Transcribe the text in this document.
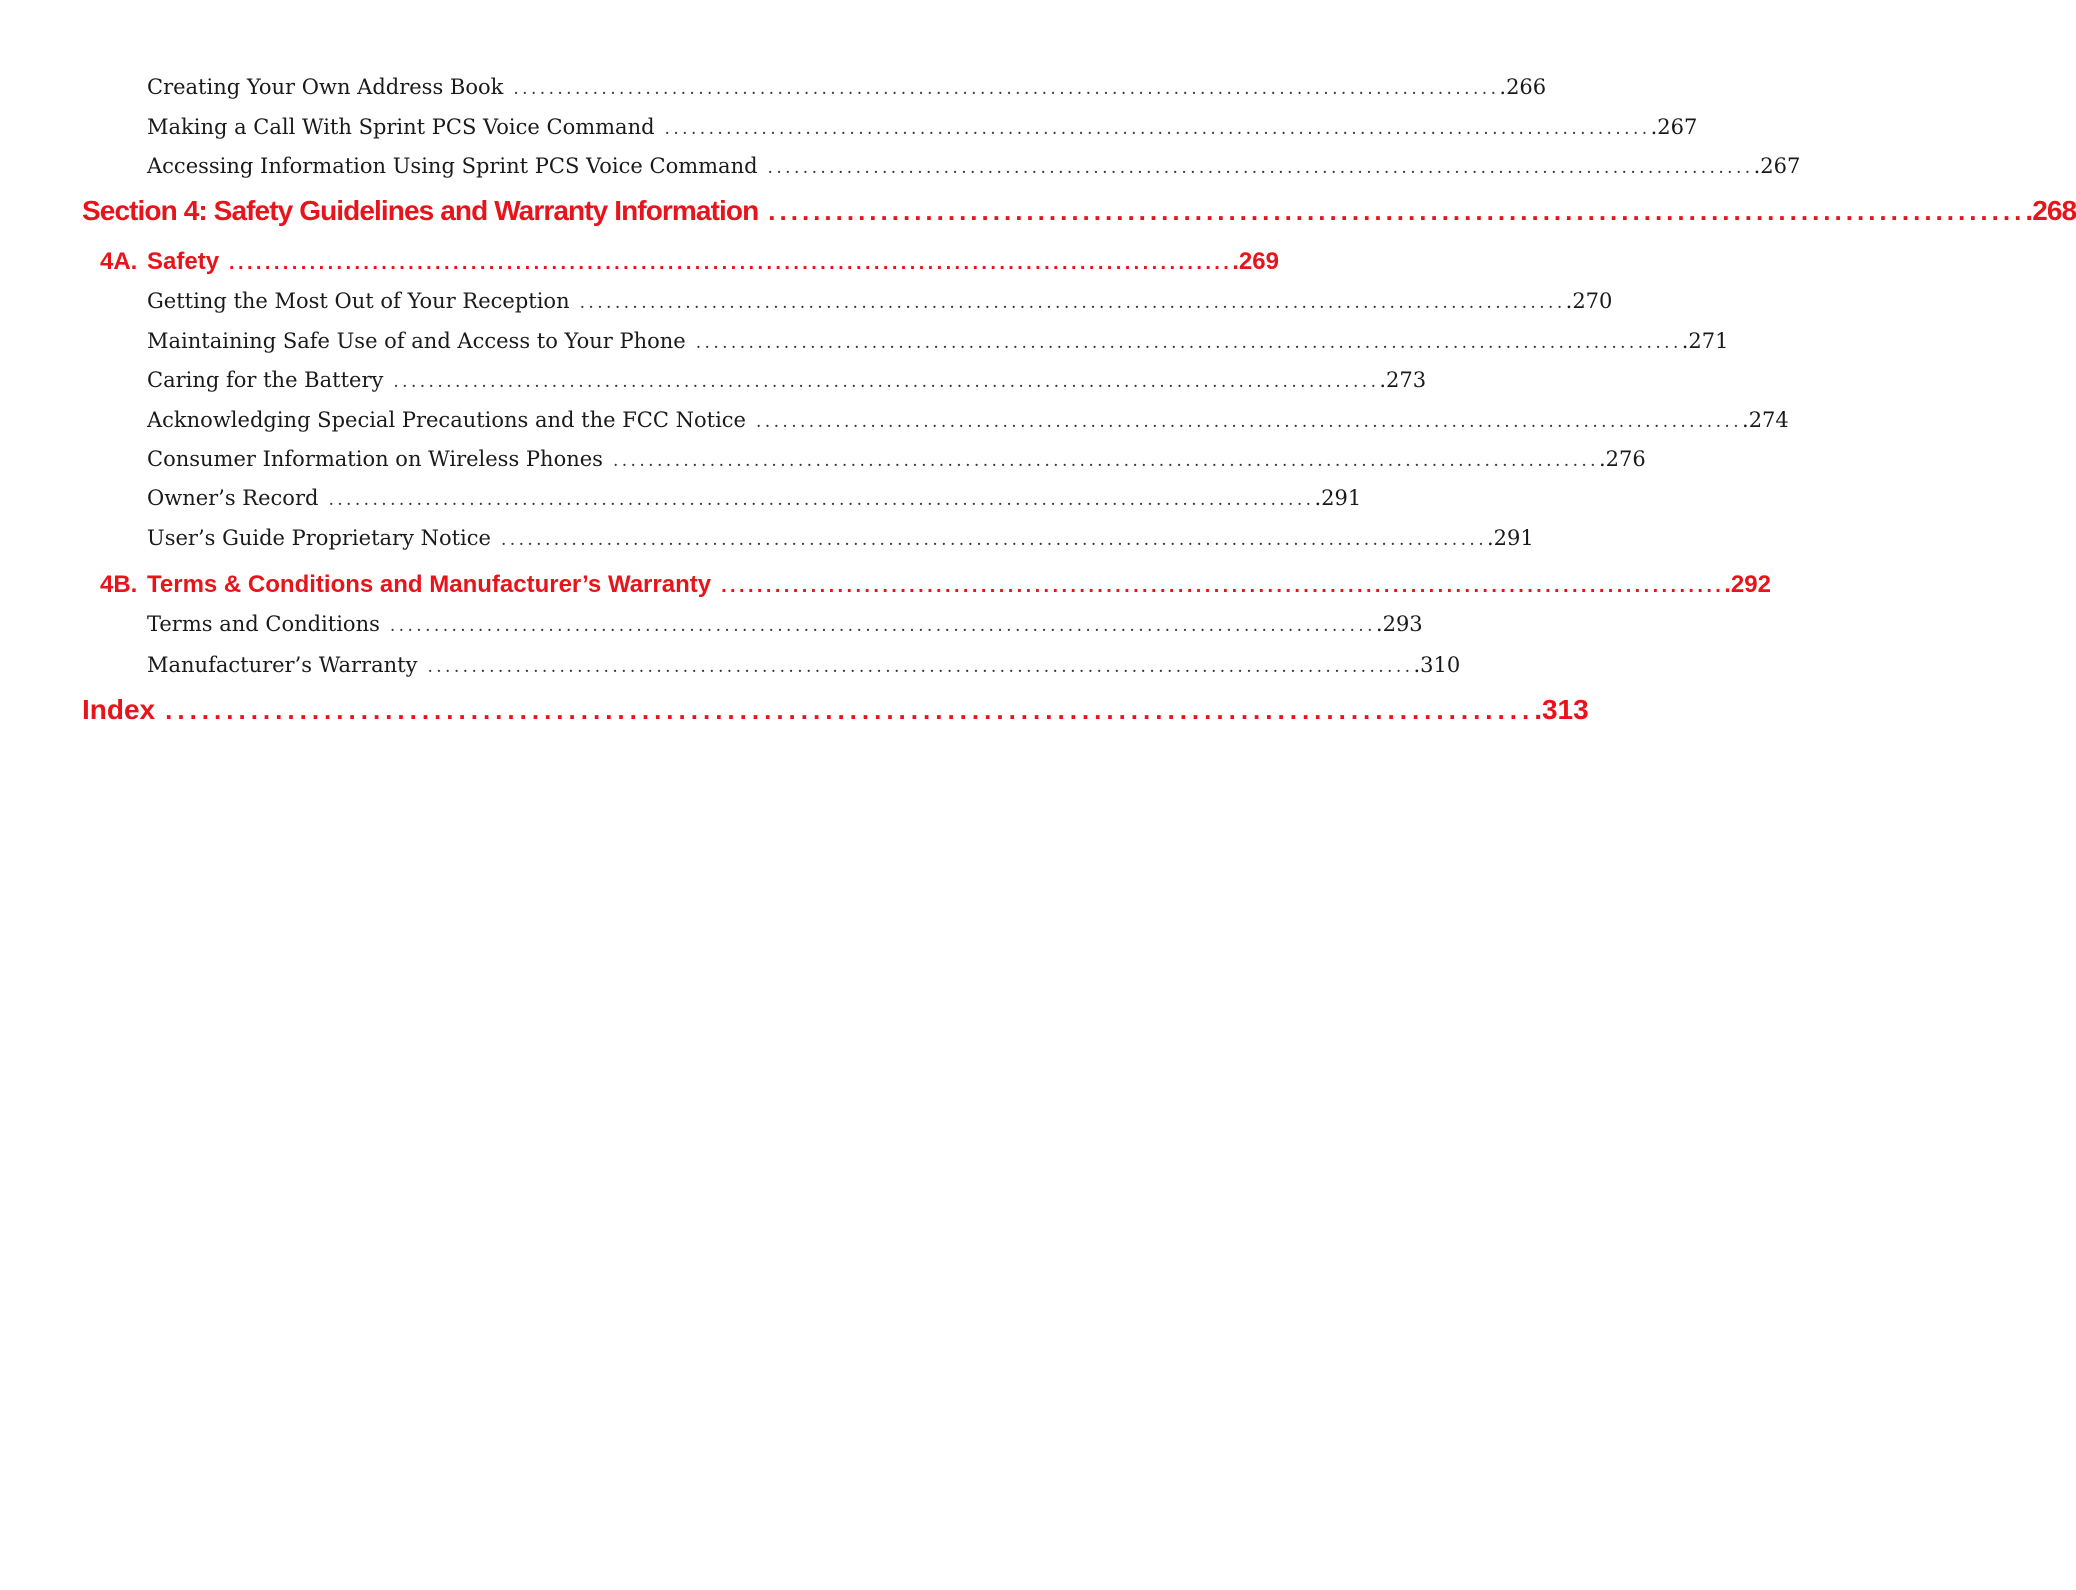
Creating Your Own Address Book ................................................................................................................ .266
Making a Call With Sprint PCS Voice Command ................................................................................................................ .267
Accessing Information Using Sprint PCS Voice Command ................................................................................................................ .267
Section 4: Safety Guidelines and Warranty Information ................................................................................................................ .268
4A. Safety ................................................................................................................ .269
Getting the Most Out of Your Reception ................................................................................................................ .270
Maintaining Safe Use of and Access to Your Phone ................................................................................................................ .271
Caring for the Battery ................................................................................................................ .273
Acknowledging Special Precautions and the FCC Notice ................................................................................................................ .274
Consumer Information on Wireless Phones ................................................................................................................ .276
Owner’s Record ................................................................................................................ .291
User’s Guide Proprietary Notice ................................................................................................................ .291
4B. Terms & Conditions and Manufacturer’s Warranty ................................................................................................................ .292
Terms and Conditions ................................................................................................................ .293
Manufacturer’s Warranty ................................................................................................................ .310
Index ................................................................................................................ .313
